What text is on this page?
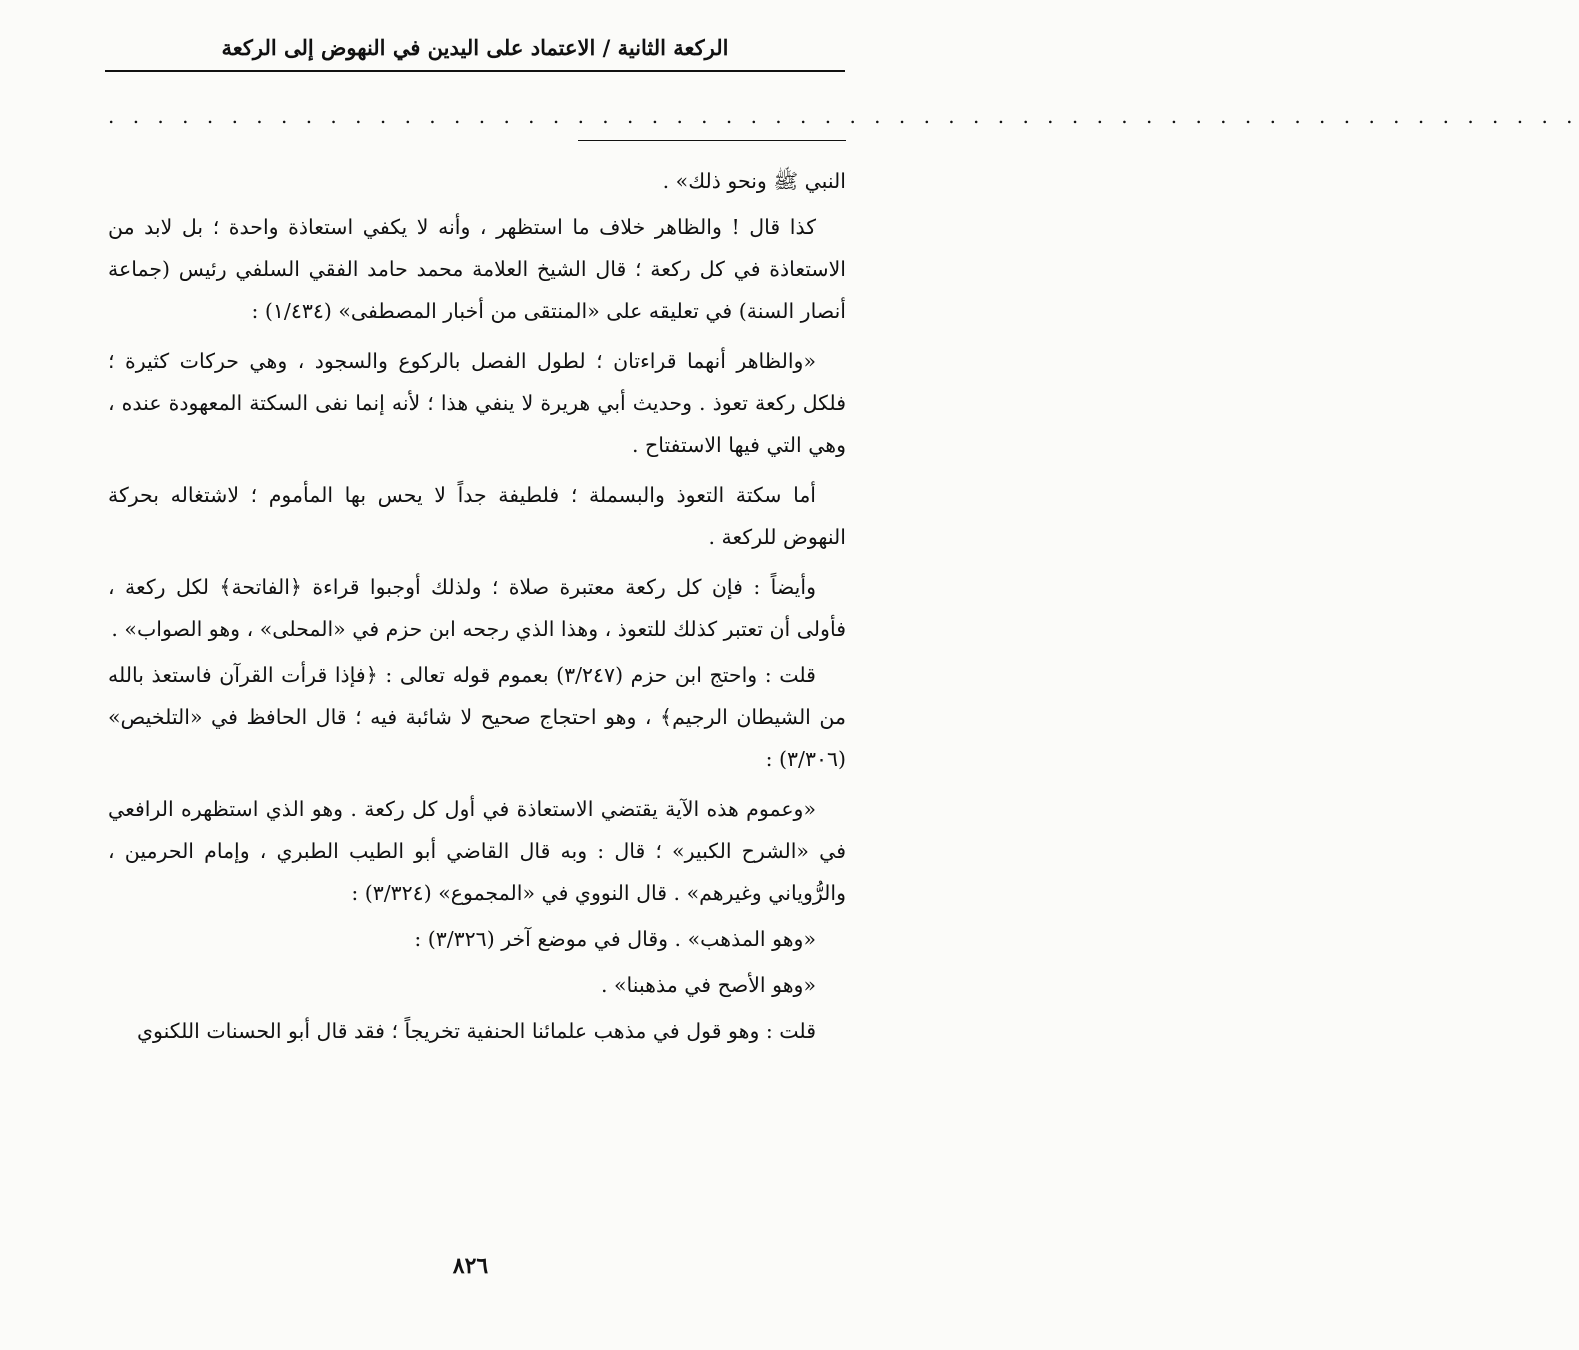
الركعة الثانية / الاعتماد على اليدين في النهوض إلى الركعة
. . . . . . . . . . . . . . . . . . . . . . . . . . . . . . . . . . . . . . . . . . . . . . . . . . . . . . . . . . . .

النبي ﷺ ونحو ذلك» .

كذا قال ! والظاهر خلاف ما استظهر ، وأنه لا يكفي استعاذة واحدة ؛ بل لابد من الاستعاذة في كل ركعة ؛ قال الشيخ العلامة محمد حامد الفقي السلفي رئيس (جماعة أنصار السنة) في تعليقه على «المنتقى من أخبار المصطفى» (١/٤٣٤) :

«والظاهر أنهما قراءتان ؛ لطول الفصل بالركوع والسجود ، وهي حركات كثيرة ؛ فلكل ركعة تعوذ . وحديث أبي هريرة لا ينفي هذا ؛ لأنه إنما نفى السكتة المعهودة عنده ، وهي التي فيها الاستفتاح .

أما سكتة التعوذ والبسملة ؛ فلطيفة جداً لا يحس بها المأموم ؛ لاشتغاله بحركة النهوض للركعة .

وأيضاً : فإن كل ركعة معتبرة صلاة ؛ ولذلك أوجبوا قراءة ﴿الفاتحة﴾ لكل ركعة ، فأولى أن تعتبر كذلك للتعوذ ، وهذا الذي رجحه ابن حزم في «المحلى» ، وهو الصواب» .

قلت : واحتج ابن حزم (٣/٢٤٧) بعموم قوله تعالى : ﴿فإذا قرأت القرآن فاستعذ بالله من الشيطان الرجيم﴾ ، وهو احتجاج صحيح لا شائبة فيه ؛ قال الحافظ في «التلخيص» (٣/٣٠٦) :

«وعموم هذه الآية يقتضي الاستعاذة في أول كل ركعة . وهو الذي استظهره الرافعي في «الشرح الكبير» ؛ قال : وبه قال القاضي أبو الطيب الطبري ، وإمام الحرمين ، والرُّوياني وغيرهم» . قال النووي في «المجموع» (٣/٣٢٤) :

«وهو المذهب» . وقال في موضع آخر (٣/٣٢٦) :

«وهو الأصح في مذهبنا» .

قلت : وهو قول في مذهب علمائنا الحنفية تخريجاً ؛ فقد قال أبو الحسنات اللكنوي

٨٢٦
